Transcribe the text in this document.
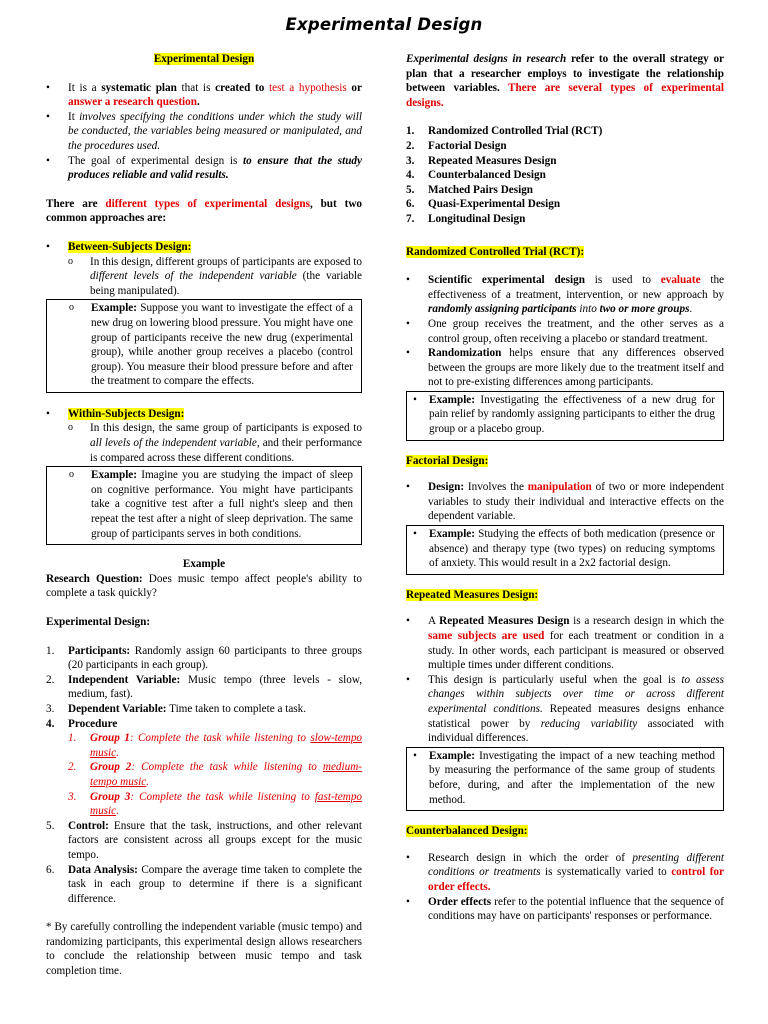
Experimental Design
Experimental Design
• It is a systematic plan that is created to test a hypothesis or answer a research question.
• It involves specifying the conditions under which the study will be conducted, the variables being measured or manipulated, and the procedures used.
• The goal of experimental design is to ensure that the study produces reliable and valid results.

There are different types of experimental designs, but two common approaches are:

• Between-Subjects Design:
o In this design, different groups of participants are exposed to different levels of the independent variable (the variable being manipulated).

o Example: Suppose you want to investigate the effect of a new drug on lowering blood pressure. You might have one group of participants receive the new drug (experimental group), while another group receives a placebo (control group). You measure their blood pressure before and after the treatment to compare the effects.

• Within-Subjects Design:
o In this design, the same group of participants is exposed to all levels of the independent variable, and their performance is compared across these different conditions.

o Example: Imagine you are studying the impact of sleep on cognitive performance. You might have participants take a cognitive test after a full night's sleep and then repeat the test after a night of sleep deprivation. The same group of participants serves in both conditions.

Example

Research Question: Does music tempo affect people's ability to complete a task quickly?

Experimental Design:

1. Participants: Randomly assign 60 participants to three groups (20 participants in each group).
2. Independent Variable: Music tempo (three levels - slow, medium, fast).
3. Dependent Variable: Time taken to complete a task.
4. Procedure
1. Group 1: Complete the task while listening to slow-tempo music.
2. Group 2: Complete the task while listening to medium-tempo music.
3. Group 3: Complete the task while listening to fast-tempo music.
5. Control: Ensure that the task, instructions, and other relevant factors are consistent across all groups except for the music tempo.
6. Data Analysis: Compare the average time taken to complete the task in each group to determine if there is a significant difference.

* By carefully controlling the independent variable (music tempo) and randomizing participants, this experimental design allows researchers to conclude the relationship between music tempo and task completion time.

Experimental designs in research refer to the overall strategy or plan that a researcher employs to investigate the relationship between variables. There are several types of experimental designs.

1. Randomized Controlled Trial (RCT)
2. Factorial Design
3. Repeated Measures Design
4. Counterbalanced Design
5. Matched Pairs Design
6. Quasi-Experimental Design
7. Longitudinal Design
Randomized Controlled Trial (RCT):
• Scientific experimental design is used to evaluate the effectiveness of a treatment, intervention, or new approach by randomly assigning participants into two or more groups.
• One group receives the treatment, and the other serves as a control group, often receiving a placebo or standard treatment.
• Randomization helps ensure that any differences observed between the groups are more likely due to the treatment itself and not to pre-existing differences among participants.

• Example: Investigating the effectiveness of a new drug for pain relief by randomly assigning participants to either the drug group or a placebo group.

Factorial Design:
• Design: Involves the manipulation of two or more independent variables to study their individual and interactive effects on the dependent variable.

• Example: Studying the effects of both medication (presence or absence) and therapy type (two types) on reducing symptoms of anxiety. This would result in a 2x2 factorial design.

Repeated Measures Design:
• A Repeated Measures Design is a research design in which the same subjects are used for each treatment or condition in a study. In other words, each participant is measured or observed multiple times under different conditions.
• This design is particularly useful when the goal is to assess changes within subjects over time or across different experimental conditions. Repeated measures designs enhance statistical power by reducing variability associated with individual differences.

• Example: Investigating the impact of a new teaching method by measuring the performance of the same group of students before, during, and after the implementation of the new method.

Counterbalanced Design:
• Research design in which the order of presenting different conditions or treatments is systematically varied to control for order effects.
• Order effects refer to the potential influence that the sequence of conditions may have on participants' responses or performance.
